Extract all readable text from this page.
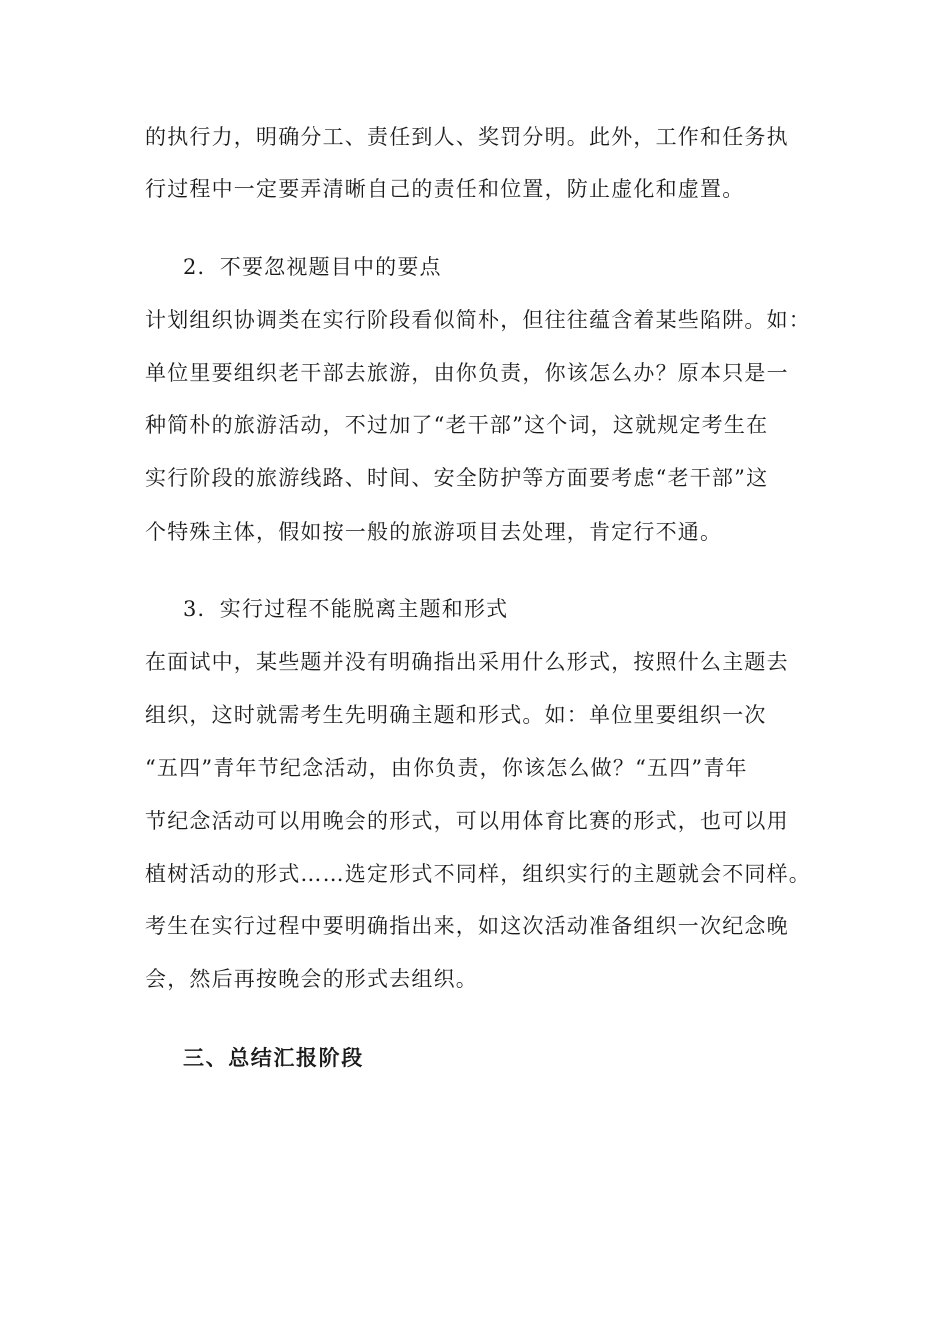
的执行力，明确分工、责任到人、奖罚分明。此外，工作和任务执

行过程中一定要弄清晰自己的责任和位置，防止虚化和虚置。

2．不要忽视题目中的要点

计划组织协调类在实行阶段看似简朴，但往往蕴含着某些陷阱。如：

单位里要组织老干部去旅游，由你负责，你该怎么办？原本只是一

种简朴的旅游活动，不过加了“老干部”这个词，这就规定考生在

实行阶段的旅游线路、时间、安全防护等方面要考虑“老干部”这

个特殊主体，假如按一般的旅游项目去处理，肯定行不通。

3．实行过程不能脱离主题和形式

在面试中，某些题并没有明确指出采用什么形式，按照什么主题去

组织，这时就需考生先明确主题和形式。如：单位里要组织一次

“五四”青年节纪念活动，由你负责，你该怎么做？“五四”青年

节纪念活动可以用晚会的形式，可以用体育比赛的形式，也可以用

植树活动的形式……选定形式不同样，组织实行的主题就会不同样。

考生在实行过程中要明确指出来，如这次活动准备组织一次纪念晚

会，然后再按晚会的形式去组织。

三、总结汇报阶段
